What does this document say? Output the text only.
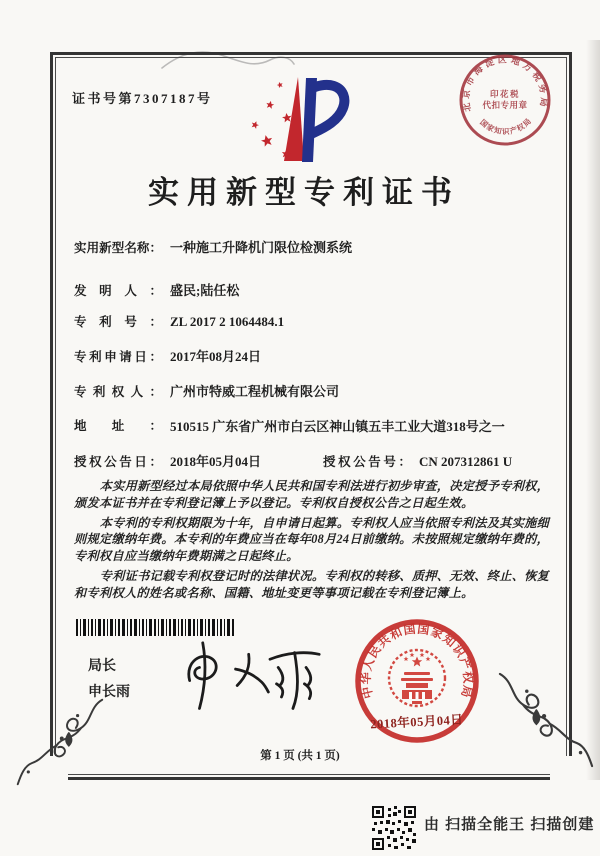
证书号第7307187号
实用新型专利证书
实用新型名称： 一种施工升降机门限位检测系统
发明人： 盛民;陆任松
专利号： ZL 2017 2 1064484.1
专利申请日： 2017年08月24日
专利权人： 广州市特威工程机械有限公司
地址： 510515 广东省广州市白云区神山镇五丰工业大道318号之一
授权公告日： 2018年05月04日	授权公告号： CN 207312861 U

本实用新型经过本局依照中华人民共和国专利法进行初步审查，决定授予专利权，颁发本证书并在专利登记簿上予以登记。专利权自授权公告之日起生效。

本专利的专利权期限为十年，自申请日起算。专利权人应当依照专利法及其实施细则规定缴纳年费。本专利的年费应当在每年08月24日前缴纳。未按照规定缴纳年费的，专利权自应当缴纳年费期满之日起终止。

专利证书记载专利权登记时的法律状况。专利权的转移、质押、无效、终止、恢复和专利权人的姓名或名称、国籍、地址变更等事项记载在专利登记簿上。

局长
申长雨	中华人民共和国国家知识产权局
2018年05月04日
北京市海淀区地方税务局
国家知识产权局
印花税
代扣专用章
第 1 页 (共 1 页)
由 扫描全能王 扫描创建
